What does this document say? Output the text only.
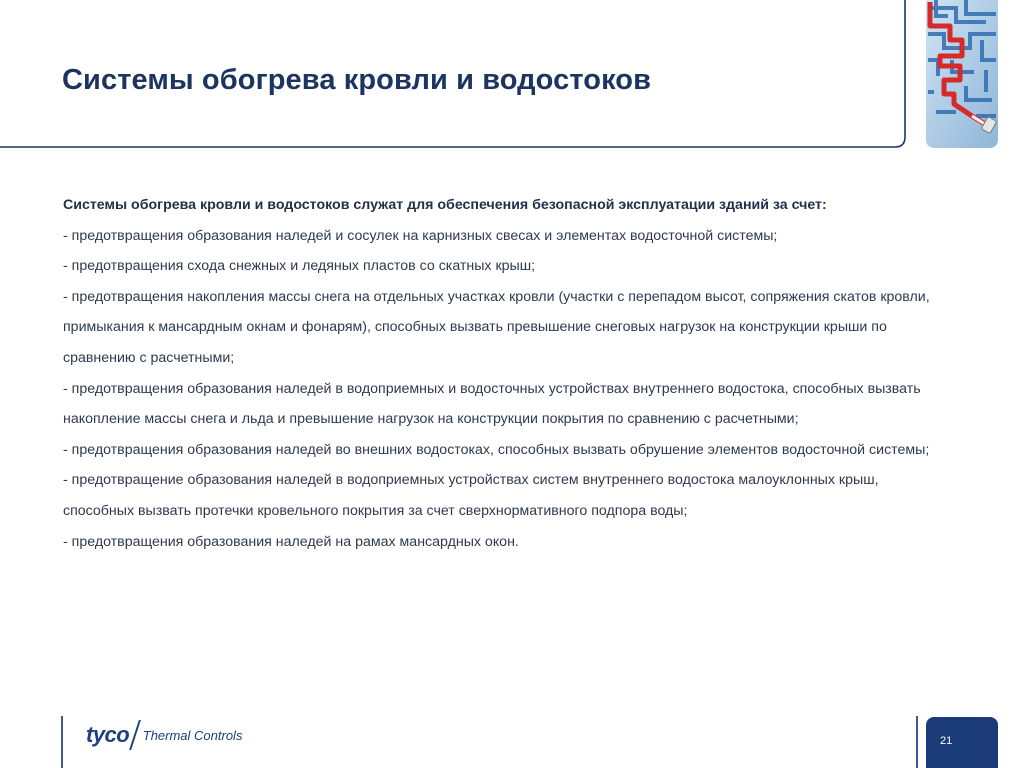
Системы обогрева кровли и водостоков

Системы обогрева кровли и водостоков служат для обеспечения безопасной эксплуатации зданий за счет:

- предотвращения образования наледей и сосулек на карнизных свесах и элементах водосточной системы;

- предотвращения схода снежных и ледяных пластов со скатных крыш;

- предотвращения накопления массы снега на отдельных участках кровли (участки с перепадом высот, сопряжения скатов кровли, примыкания к мансардным окнам и фонарям), способных вызвать превышение снеговых нагрузок на конструкции крыши по сравнению с расчетными;

- предотвращения образования наледей в водоприемных и водосточных устройствах внутреннего водостока, способных вызвать накопление массы снега и льда и превышение нагрузок на конструкции покрытия по сравнению с расчетными;

- предотвращения образования наледей во внешних водостоках, способных вызвать обрушение элементов водосточной системы;

- предотвращение образования наледей в водоприемных устройствах систем внутреннего водостока малоуклонных крыш, способных вызвать протечки кровельного покрытия за счет сверхнормативного подпора воды;

- предотвращения образования наледей на рамах мансардных окон.

tyco Thermal Controls	21
